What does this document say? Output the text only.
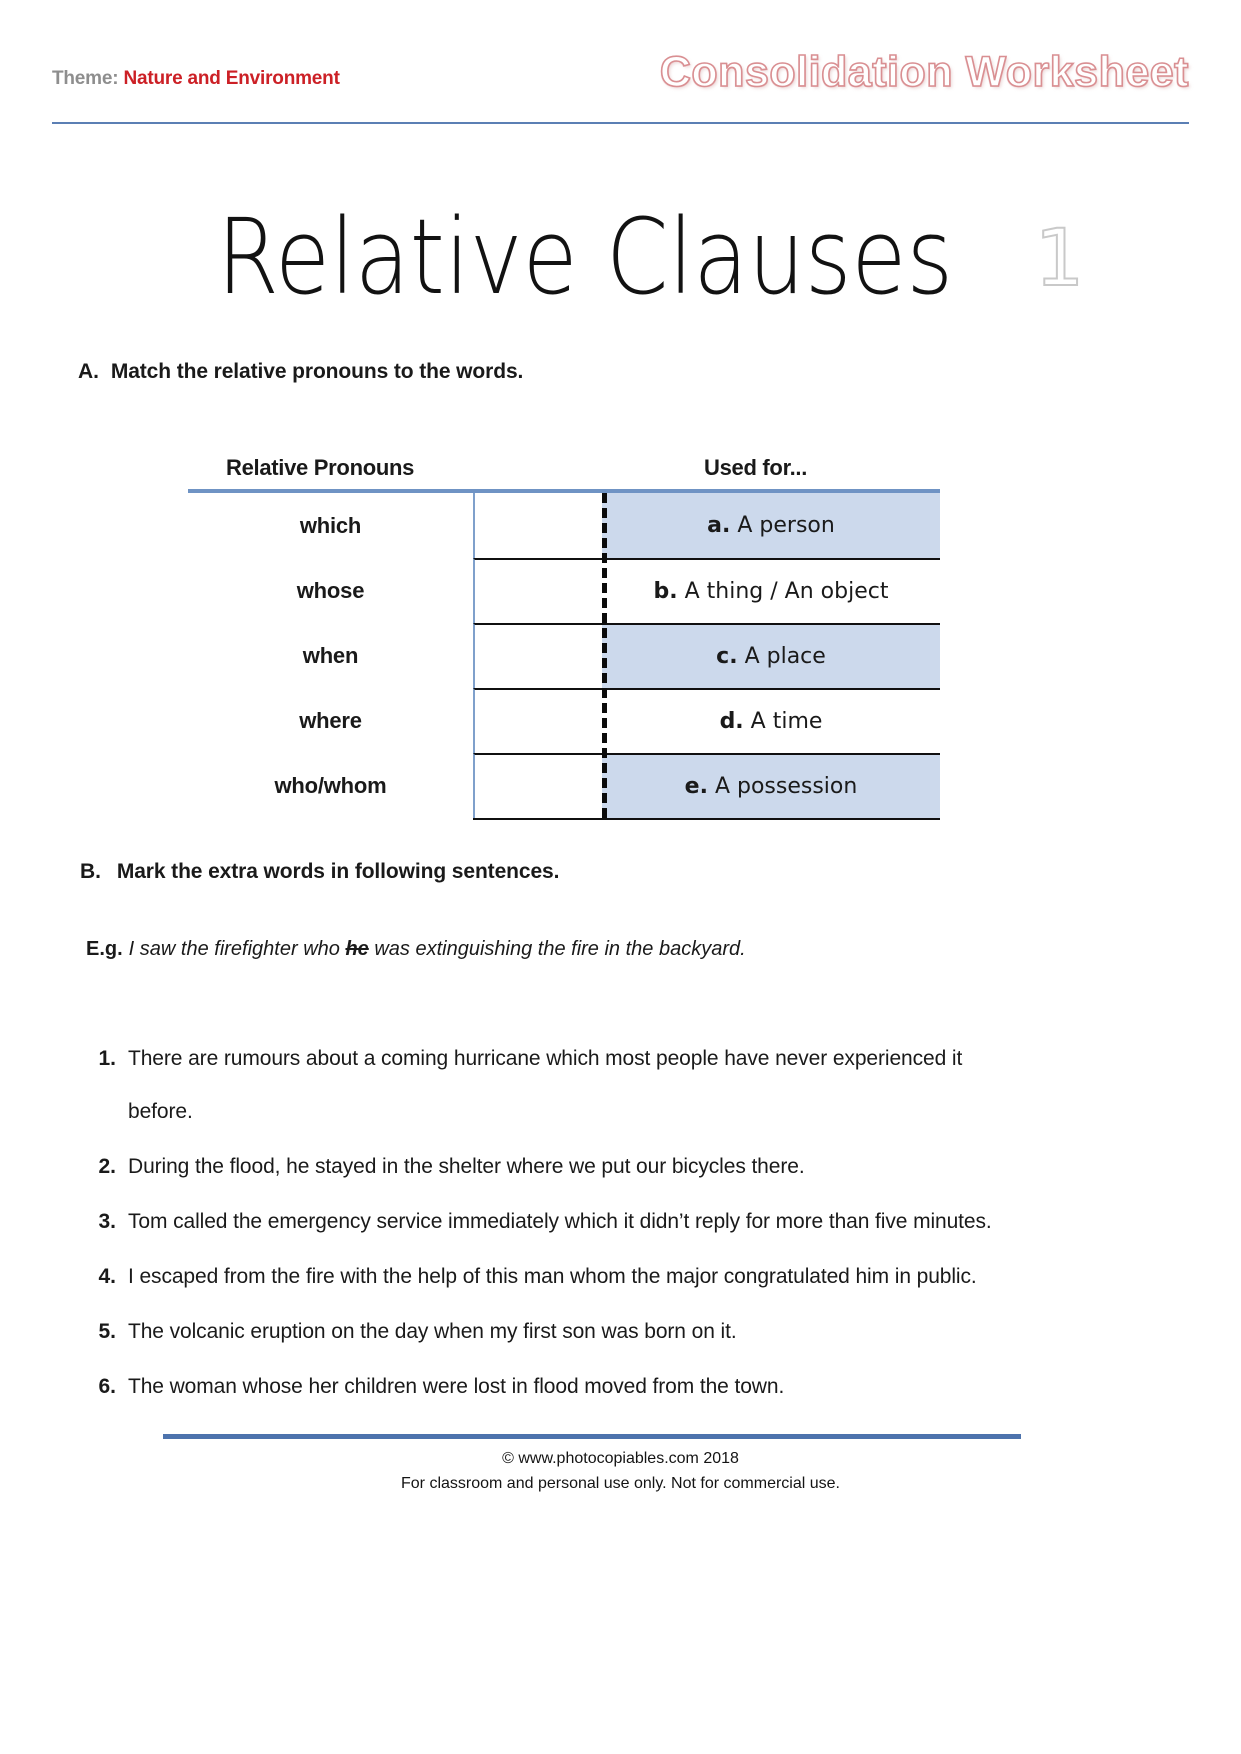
Theme: Nature and Environment	Consolidation Worksheet
Relative Clauses 1
A. Match the relative pronouns to the words.
Relative Pronouns	Used for...
which	a. A person
whose	b. A thing / An object
when	c. A place
where	d. A time
who/whom	e. A possession
B. Mark the extra words in following sentences.
E.g. I saw the firefighter who he was extinguishing the fire in the backyard.
1. There are rumours about a coming hurricane which most people have never experienced it before.
2. During the flood, he stayed in the shelter where we put our bicycles there.
3. Tom called the emergency service immediately which it didn’t reply for more than five minutes.
4. I escaped from the fire with the help of this man whom the major congratulated him in public.
5. The volcanic eruption on the day when my first son was born on it.
6. The woman whose her children were lost in flood moved from the town.
© www.photocopiables.com 2018
For classroom and personal use only. Not for commercial use.
